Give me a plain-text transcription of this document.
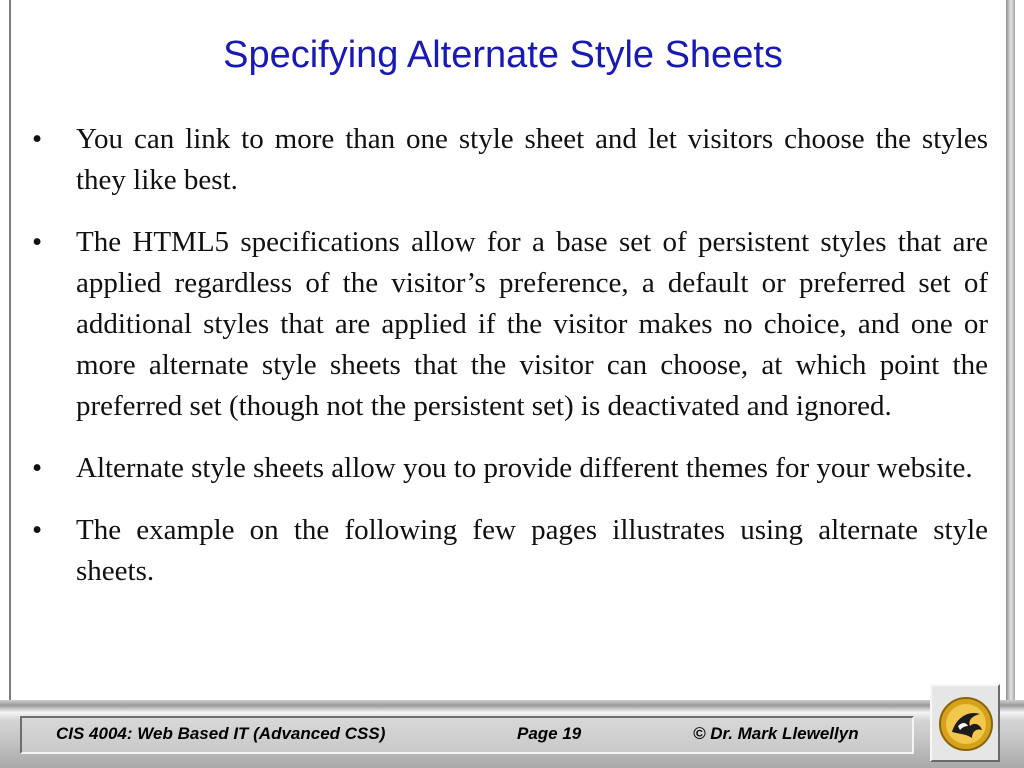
Specifying Alternate Style Sheets
• You can link to more than one style sheet and let visitors choose the styles they like best.
• The HTML5 specifications allow for a base set of persistent styles that are applied regardless of the visitor’s preference, a default or preferred set of additional styles that are applied if the visitor makes no choice, and one or more alternate style sheets that the visitor can choose, at which point the preferred set (though not the persistent set) is deactivated and ignored.
• Alternate style sheets allow you to provide different themes for your website.
• The example on the following few pages illustrates using alternate style sheets.
CIS 4004: Web Based IT (Advanced CSS)	Page 19	© Dr. Mark Llewellyn
